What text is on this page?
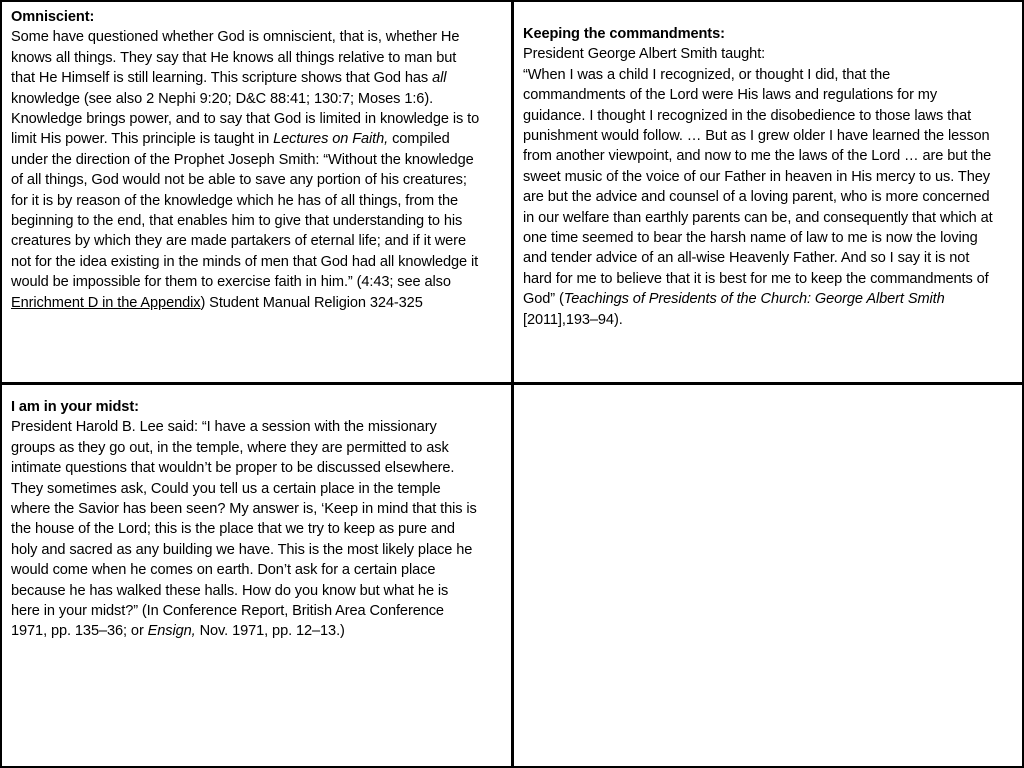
Omniscient:
Some have questioned whether God is omniscient, that is, whether He knows all things. They say that He knows all things relative to man but that He Himself is still learning. This scripture shows that God has all knowledge (see also 2 Nephi 9:20; D&C 88:41; 130:7; Moses 1:6).
Knowledge brings power, and to say that God is limited in knowledge is to limit His power. This principle is taught in Lectures on Faith, compiled under the direction of the Prophet Joseph Smith: “Without the knowledge of all things, God would not be able to save any portion of his creatures; for it is by reason of the knowledge which he has of all things, from the beginning to the end, that enables him to give that understanding to his creatures by which they are made partakers of eternal life; and if it were not for the idea existing in the minds of men that God had all knowledge it would be impossible for them to exercise faith in him.” (4:43; see also Enrichment D in the Appendix) Student Manual Religion 324-325
Keeping the commandments:
President George Albert Smith taught:
“When I was a child I recognized, or thought I did, that the commandments of the Lord were His laws and regulations for my guidance. I thought I recognized in the disobedience to those laws that punishment would follow. … But as I grew older I have learned the lesson from another viewpoint, and now to me the laws of the Lord … are but the sweet music of the voice of our Father in heaven in His mercy to us. They are but the advice and counsel of a loving parent, who is more concerned in our welfare than earthly parents can be, and consequently that which at one time seemed to bear the harsh name of law to me is now the loving and tender advice of an all-wise Heavenly Father. And so I say it is not hard for me to believe that it is best for me to keep the commandments of God” (Teachings of Presidents of the Church: George Albert Smith [2011],193–94).
I am in your midst:
President Harold B. Lee said: “I have a session with the missionary groups as they go out, in the temple, where they are permitted to ask intimate questions that wouldn’t be proper to be discussed elsewhere. They sometimes ask, Could you tell us a certain place in the temple where the Savior has been seen? My answer is, ‘Keep in mind that this is the house of the Lord; this is the place that we try to keep as pure and holy and sacred as any building we have. This is the most likely place he would come when he comes on earth. Don’t ask for a certain place because he has walked these halls. How do you know but what he is here in your midst?” (In Conference Report, British Area Conference 1971, pp. 135–36; or Ensign, Nov. 1971, pp. 12–13.)
